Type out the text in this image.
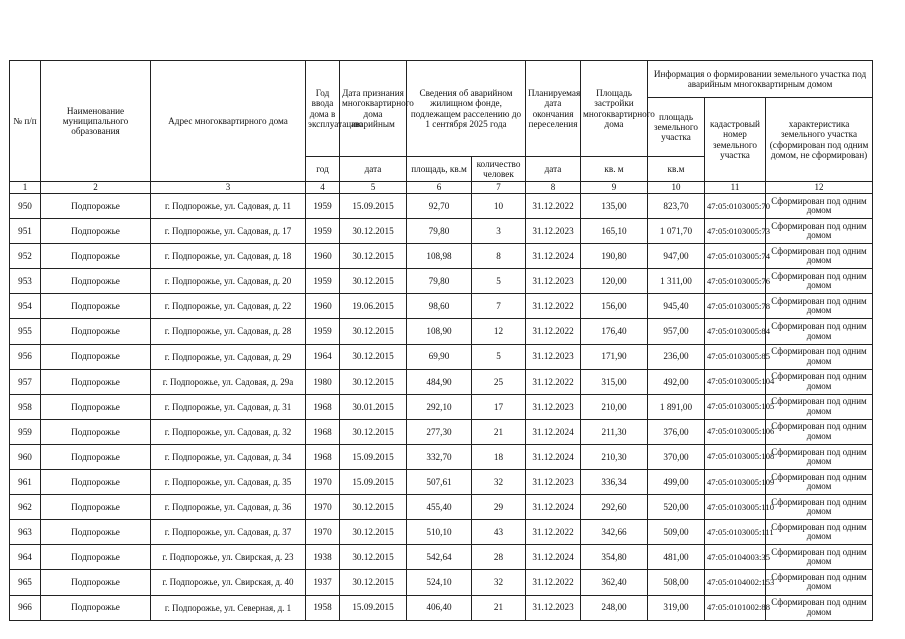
№ п/п	Наименование муниципального образования	Адрес многоквартирного дома	Год ввода дома в эксплуатацию	Дата признания многоквартирного дома аварийным	Сведения об аварийном жилищном фонде, подлежащем расселению до 1 сентября 2025 года		Планируемая дата окончания переселения	Площадь застройки многоквартирного дома	Информация о формировании земельного участка под аварийным многоквартирным домом		
									площадь земельного участка	кадастровый номер земельного участка	характеристика земельного участка (сформирован под одним домом, не сформирован)
			год	дата	площадь, кв.м	количество человек	дата	кв. м	кв.м		
1	2	3	4	5	6	7	8	9	10	11	12
950	Подпорожье	г. Подпорожье, ул. Садовая, д. 11	1959	15.09.2015	92,70	10	31.12.2022	135,00	823,70	47:05:0103005:70	Сформирован под одним домом
951	Подпорожье	г. Подпорожье, ул. Садовая, д. 17	1959	30.12.2015	79,80	3	31.12.2023	165,10	1 071,70	47:05:0103005:73	Сформирован под одним домом
952	Подпорожье	г. Подпорожье, ул. Садовая, д. 18	1960	30.12.2015	108,98	8	31.12.2024	190,80	947,00	47:05:0103005:74	Сформирован под одним домом
953	Подпорожье	г. Подпорожье, ул. Садовая, д. 20	1959	30.12.2015	79,80	5	31.12.2023	120,00	1 311,00	47:05:0103005:76	Сформирован под одним домом
954	Подпорожье	г. Подпорожье, ул. Садовая, д. 22	1960	19.06.2015	98,60	7	31.12.2022	156,00	945,40	47:05:0103005:78	Сформирован под одним домом
955	Подпорожье	г. Подпорожье, ул. Садовая, д. 28	1959	30.12.2015	108,90	12	31.12.2022	176,40	957,00	47:05:0103005:84	Сформирован под одним домом
956	Подпорожье	г. Подпорожье, ул. Садовая, д. 29	1964	30.12.2015	69,90	5	31.12.2023	171,90	236,00	47:05:0103005:85	Сформирован под одним домом
957	Подпорожье	г. Подпорожье, ул. Садовая, д. 29а	1980	30.12.2015	484,90	25	31.12.2022	315,00	492,00	47:05:0103005:104	Сформирован под одним домом
958	Подпорожье	г. Подпорожье, ул. Садовая, д. 31	1968	30.01.2015	292,10	17	31.12.2023	210,00	1 891,00	47:05:0103005:105	Сформирован под одним домом
959	Подпорожье	г. Подпорожье, ул. Садовая, д. 32	1968	30.12.2015	277,30	21	31.12.2024	211,30	376,00	47:05:0103005:106	Сформирован под одним домом
960	Подпорожье	г. Подпорожье, ул. Садовая, д. 34	1968	15.09.2015	332,70	18	31.12.2024	210,30	370,00	47:05:0103005:108	Сформирован под одним домом
961	Подпорожье	г. Подпорожье, ул. Садовая, д. 35	1970	15.09.2015	507,61	32	31.12.2023	336,34	499,00	47:05:0103005:109	Сформирован под одним домом
962	Подпорожье	г. Подпорожье, ул. Садовая, д. 36	1970	30.12.2015	455,40	29	31.12.2024	292,60	520,00	47:05:0103005:110	Сформирован под одним домом
963	Подпорожье	г. Подпорожье, ул. Садовая, д. 37	1970	30.12.2015	510,10	43	31.12.2022	342,66	509,00	47:05:0103005:111	Сформирован под одним домом
964	Подпорожье	г. Подпорожье, ул. Свирская, д. 23	1938	30.12.2015	542,64	28	31.12.2024	354,80	481,00	47:05:0104003:35	Сформирован под одним домом
965	Подпорожье	г. Подпорожье, ул. Свирская, д. 40	1937	30.12.2015	524,10	32	31.12.2022	362,40	508,00	47:05:0104002:153	Сформирован под одним домом
966	Подпорожье	г. Подпорожье, ул. Северная, д. 1	1958	15.09.2015	406,40	21	31.12.2023	248,00	319,00	47:05:0101002:88	Сформирован под одним домом
